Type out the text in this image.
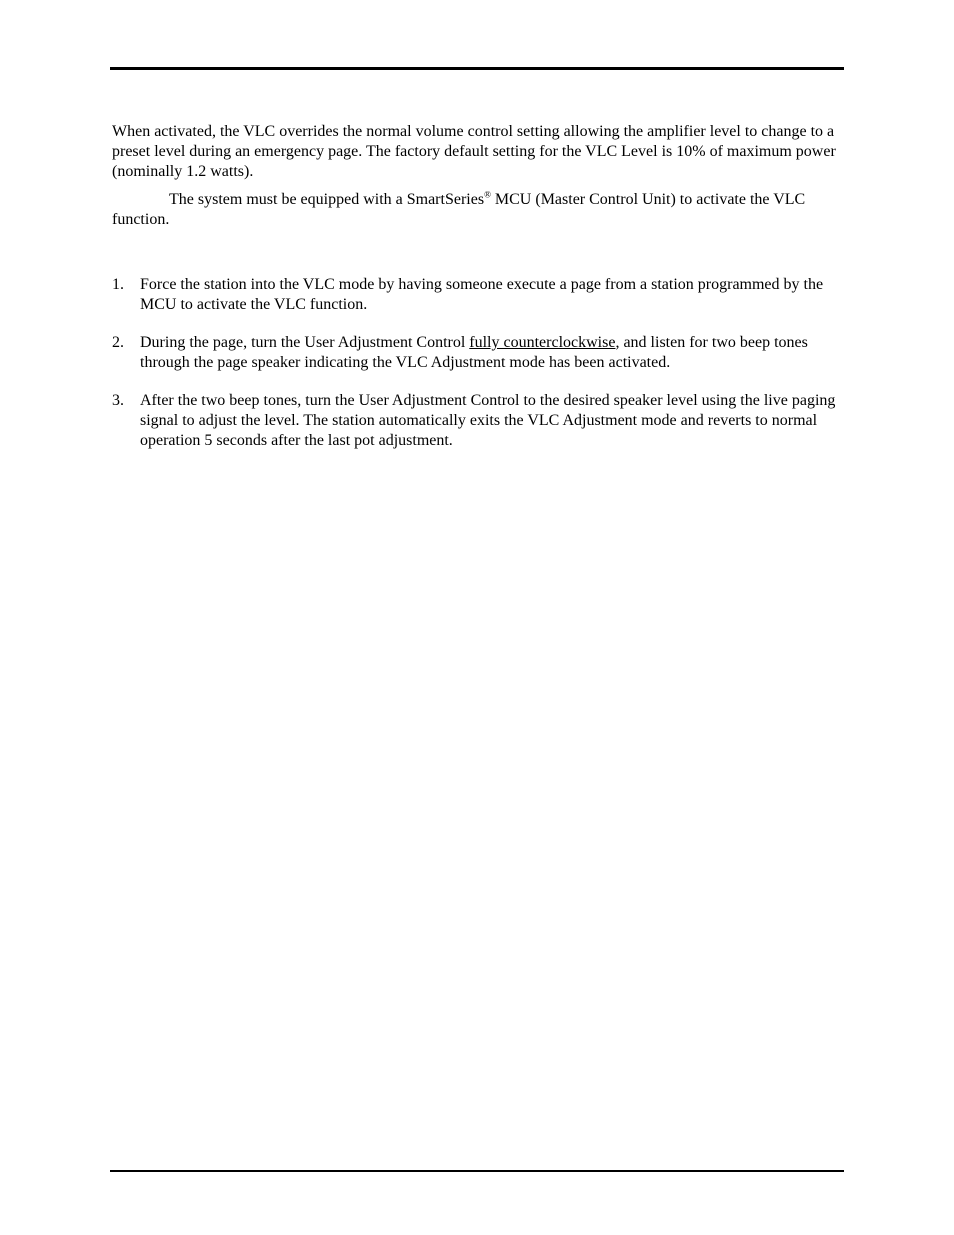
When activated, the VLC overrides the normal volume control setting allowing the amplifier level to change to a preset level during an emergency page. The factory default setting for the VLC Level is 10% of maximum power (nominally 1.2 watts).

The system must be equipped with a SmartSeries® MCU (Master Control Unit) to activate the VLC function.

1. Force the station into the VLC mode by having someone execute a page from a station programmed by the MCU to activate the VLC function.
2. During the page, turn the User Adjustment Control fully counterclockwise, and listen for two beep tones through the page speaker indicating the VLC Adjustment mode has been activated.
3. After the two beep tones, turn the User Adjustment Control to the desired speaker level using the live paging signal to adjust the level. The station automatically exits the VLC Adjustment mode and reverts to normal operation 5 seconds after the last pot adjustment.
